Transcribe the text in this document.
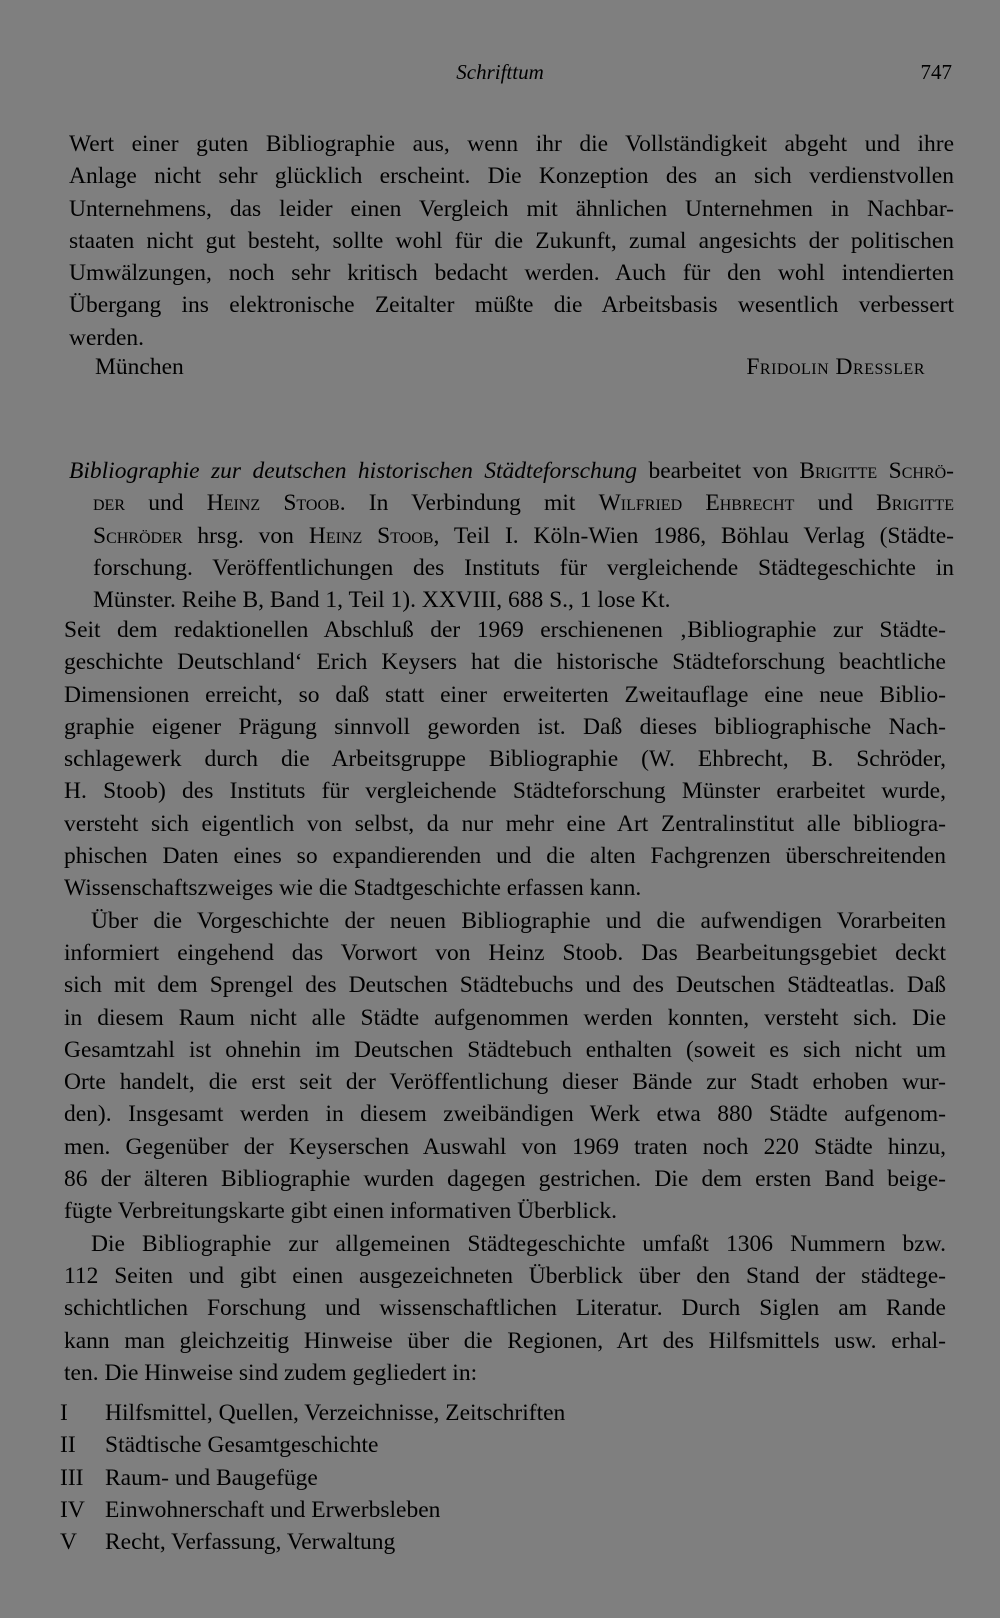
Schrifttum	747
Wert einer guten Bibliographie aus, wenn ihr die Vollständigkeit abgeht und ihre
Anlage nicht sehr glücklich erscheint. Die Konzeption des an sich verdienstvollen
Unternehmens, das leider einen Vergleich mit ähnlichen Unternehmen in Nachbar-
staaten nicht gut besteht, sollte wohl für die Zukunft, zumal angesichts der politischen
Umwälzungen, noch sehr kritisch bedacht werden. Auch für den wohl intendierten
Übergang ins elektronische Zeitalter müßte die Arbeitsbasis wesentlich verbessert
werden.
München	Fridolin Dressler
Bibliographie zur deutschen historischen Städteforschung bearbeitet von Brigitte Schrö-
der und Heinz Stoob. In Verbindung mit Wilfried Ehbrecht und Brigitte
Schröder hrsg. von Heinz Stoob, Teil I. Köln-Wien 1986, Böhlau Verlag (Städte-
forschung. Veröffentlichungen des Instituts für vergleichende Städtegeschichte in
Münster. Reihe B, Band 1, Teil 1). XXVIII, 688 S., 1 lose Kt.
Seit dem redaktionellen Abschluß der 1969 erschienenen ‚Bibliographie zur Städte-
geschichte Deutschland‘ Erich Keysers hat die historische Städteforschung beachtliche
Dimensionen erreicht, so daß statt einer erweiterten Zweitauflage eine neue Biblio-
graphie eigener Prägung sinnvoll geworden ist. Daß dieses bibliographische Nach-
schlagewerk durch die Arbeitsgruppe Bibliographie (W. Ehbrecht, B. Schröder,
H. Stoob) des Instituts für vergleichende Städteforschung Münster erarbeitet wurde,
versteht sich eigentlich von selbst, da nur mehr eine Art Zentralinstitut alle bibliogra-
phischen Daten eines so expandierenden und die alten Fachgrenzen überschreitenden
Wissenschaftszweiges wie die Stadtgeschichte erfassen kann.
Über die Vorgeschichte der neuen Bibliographie und die aufwendigen Vorarbeiten
informiert eingehend das Vorwort von Heinz Stoob. Das Bearbeitungsgebiet deckt
sich mit dem Sprengel des Deutschen Städtebuchs und des Deutschen Städteatlas. Daß
in diesem Raum nicht alle Städte aufgenommen werden konnten, versteht sich. Die
Gesamtzahl ist ohnehin im Deutschen Städtebuch enthalten (soweit es sich nicht um
Orte handelt, die erst seit der Veröffentlichung dieser Bände zur Stadt erhoben wur-
den). Insgesamt werden in diesem zweibändigen Werk etwa 880 Städte aufgenom-
men. Gegenüber der Keyserschen Auswahl von 1969 traten noch 220 Städte hinzu,
86 der älteren Bibliographie wurden dagegen gestrichen. Die dem ersten Band beige-
fügte Verbreitungskarte gibt einen informativen Überblick.
Die Bibliographie zur allgemeinen Städtegeschichte umfaßt 1306 Nummern bzw.
112 Seiten und gibt einen ausgezeichneten Überblick über den Stand der städtege-
schichtlichen Forschung und wissenschaftlichen Literatur. Durch Siglen am Rande
kann man gleichzeitig Hinweise über die Regionen, Art des Hilfsmittels usw. erhal-
ten. Die Hinweise sind zudem gegliedert in:
I Hilfsmittel, Quellen, Verzeichnisse, Zeitschriften
II Städtische Gesamtgeschichte
III Raum- und Baugefüge
IV Einwohnerschaft und Erwerbsleben
V Recht, Verfassung, Verwaltung
